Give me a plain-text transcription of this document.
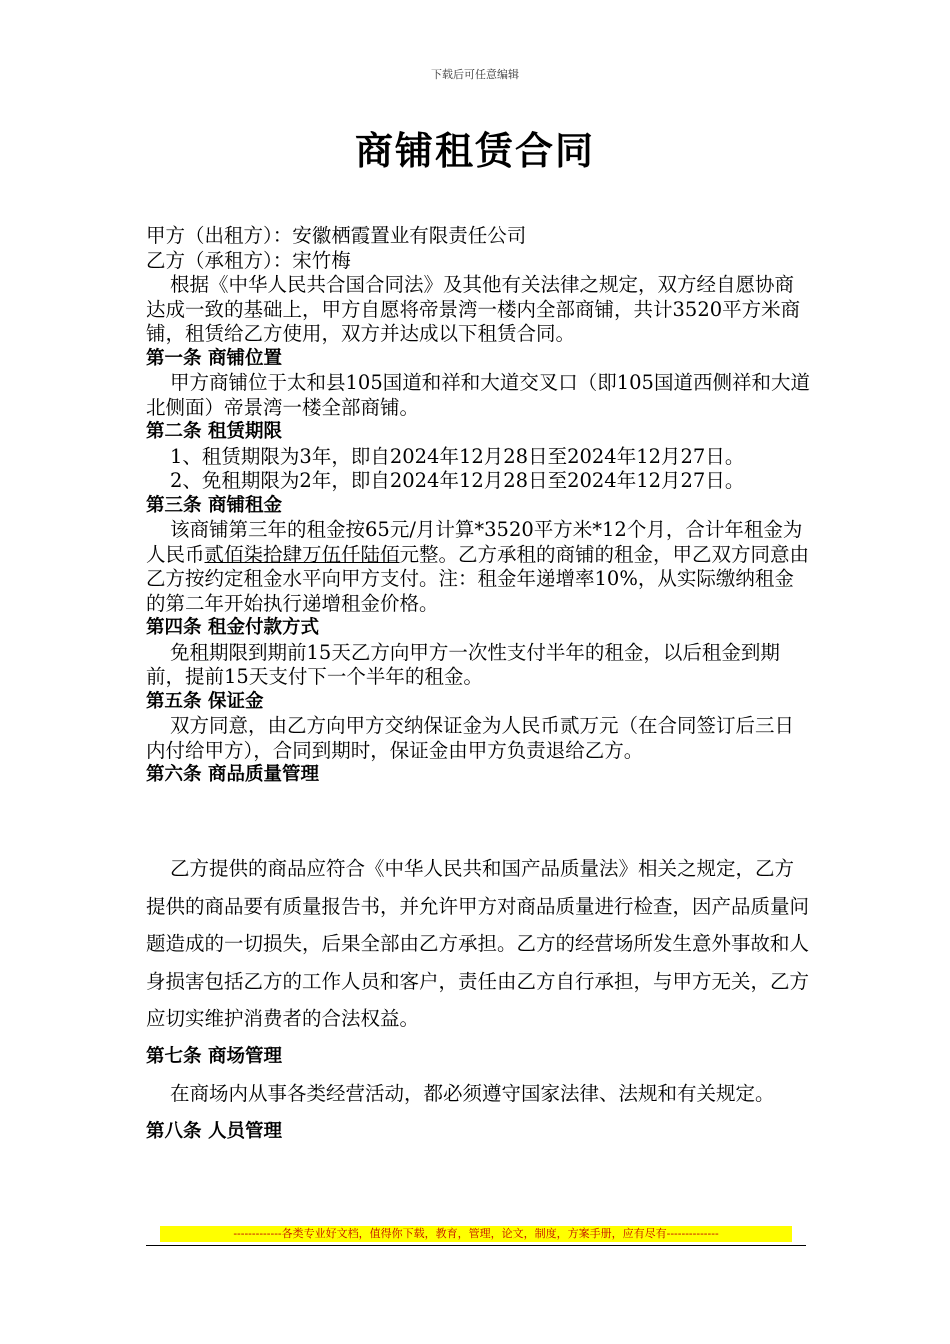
下载后可任意编辑
商铺租赁合同

甲方（出租方）：安徽栖霞置业有限责任公司

乙方（承租方）：宋竹梅

根据《中华人民共合国合同法》及其他有关法律之规定，双方经自愿协商达成一致的基础上，甲方自愿将帝景湾一楼内全部商铺，共计3520平方米商铺，租赁给乙方使用，双方并达成以下租赁合同。

第一条 商铺位置

甲方商铺位于太和县105国道和祥和大道交叉口（即105国道西侧祥和大道北侧面）帝景湾一楼全部商铺。

第二条 租赁期限

1、租赁期限为3年，即自2024年12月28日至2024年12月27日。

2、免租期限为2年，即自2024年12月28日至2024年12月27日。

第三条 商铺租金

该商铺第三年的租金按65元/月计算*3520平方米*12个月，合计年租金为人民币贰佰柒拾肆万伍仟陆佰元整。乙方承租的商铺的租金，甲乙双方同意由乙方按约定租金水平向甲方支付。注：租金年递增率10%，从实际缴纳租金的第二年开始执行递增租金价格。

第四条 租金付款方式

免租期限到期前15天乙方向甲方一次性支付半年的租金，以后租金到期前，提前15天支付下一个半年的租金。

第五条 保证金

双方同意，由乙方向甲方交纳保证金为人民币贰万元（在合同签订后三日内付给甲方），合同到期时，保证金由甲方负责退给乙方。

第六条 商品质量管理

乙方提供的商品应符合《中华人民共和国产品质量法》相关之规定，乙方提供的商品要有质量报告书，并允许甲方对商品质量进行检查，因产品质量问题造成的一切损失，后果全部由乙方承担。乙方的经营场所发生意外事故和人身损害包括乙方的工作人员和客户，责任由乙方自行承担，与甲方无关，乙方应切实维护消费者的合法权益。

第七条 商场管理

在商场内从事各类经营活动，都必须遵守国家法律、法规和有关规定。

第八条 人员管理

-------------各类专业好文档，值得你下载，教育，管理，论文，制度，方案手册，应有尽有--------------
